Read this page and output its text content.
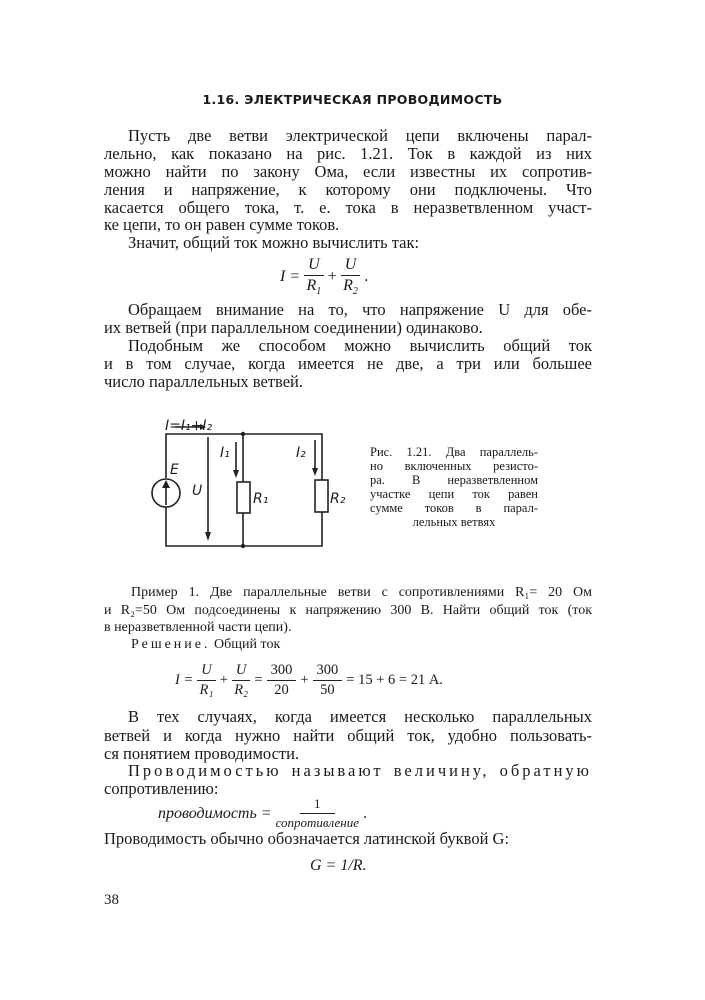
1.16. ЭЛЕКТРИЧЕСКАЯ ПРОВОДИМОСТЬ
Пусть две ветви электрической цепи включены парал-
лельно, как показано на рис. 1.21. Ток в каждой из них
можно найти по закону Ома, если известны их сопротив-
ления и напряжение, к которому они подключены. Что
касается общего тока, т. е. тока в неразветвленном участ-
ке цепи, то он равен сумме токов.
Значит, общий ток можно вычислить так:
$I = \frac{U}{R_1} + \frac{U}{R_2}$ .
Обращаем внимание на то, что напряжение U для обе-
их ветвей (при параллельном соединении) одинаково.
Подобным же способом можно вычислить общий ток
и в том случае, когда имеется не две, а три или большее
число параллельных ветвей.
I=I₁+I₂
E
U
I₁	I₂
R₁	R₂
Рис. 1.21. Два параллель-
но включенных резисто-
ра. В неразветвленном
участке цепи ток равен
сумме токов в парал-
лельных ветвях
Пример 1. Две параллельные ветви с сопротивлениями R₁= 20 Ом
и R₂=50 Ом подсоединены к напряжению 300 В. Найти общий ток (ток
в неразветвленной части цепи).
Решение. Общий ток
$I = \frac{U}{\text{R₁}} + \frac{U}{\text{R₂}} = \frac{300}{20} + \frac{300}{50} = 15 + 6 = 21$ А.
В тех случаях, когда имеется несколько параллельных
ветвей и когда нужно найти общий ток, удобно пользовать-
ся понятием проводимости.
Проводимостью называют величину, обратную
сопротивлению:
проводимость = $\frac{1}{\text{сопротивление}}$ .
Проводимость обычно обозначается латинской буквой G:
G = 1/R.
38
